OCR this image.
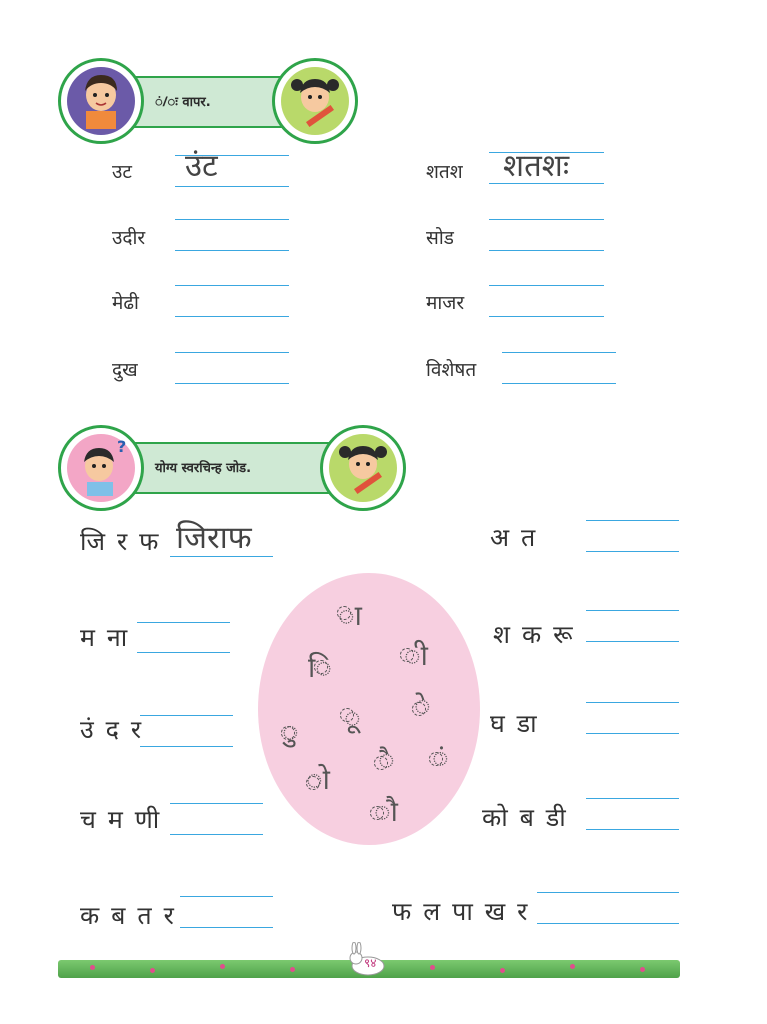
ं/ः वापर.
उट
उदीर
मेढी
दुख
उंट	शतश
सोड
माजर
विशेषत
शतशः
योग्य स्वरचिन्ह जोड.
?
ा
ि	ी
ु ू े
ै ं
ो
ौ
जि र फ जिराफ
म ना
उं द र
च म णी
क ब त र
अ त
श क रू
घ डा
को ब डी
फ ल पा ख र
९४
